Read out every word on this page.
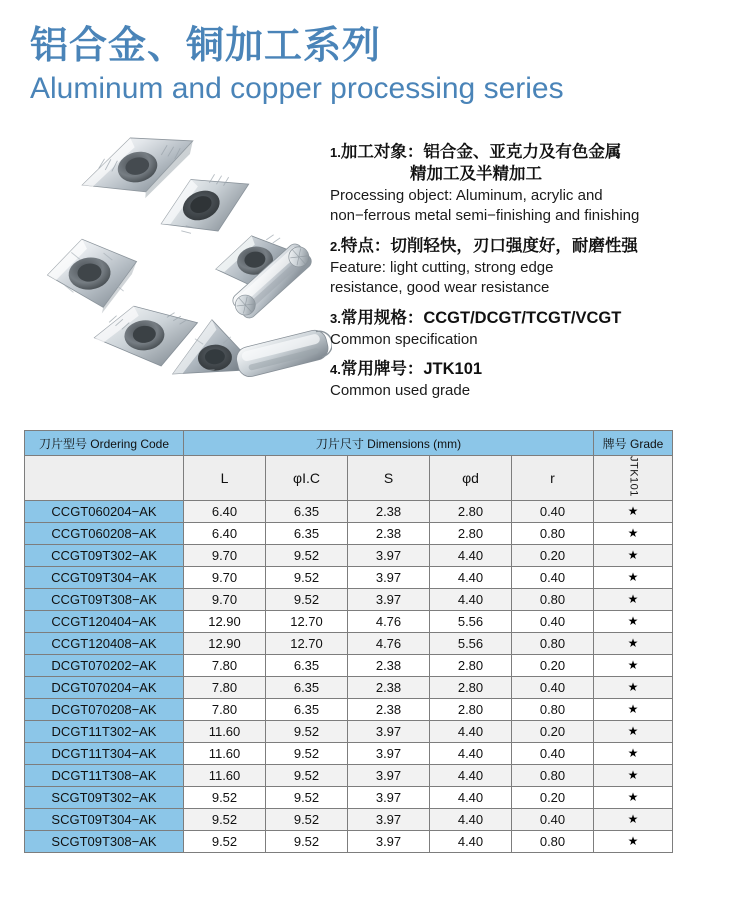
铝合金、铜加工系列
Aluminum and copper processing series
1.加工对象：铝合金、亚克力及有色金属
精加工及半精加工
Processing object: Aluminum, acrylic and
non−ferrous metal semi−finishing and finishing
2.特点：切削轻快，刃口强度好，耐磨性强
Feature: light cutting, strong edge
resistance, good wear resistance
3.常用规格：CCGT/DCGT/TCGT/VCGT
Common specification
4.常用牌号：JTK101
Common used grade
刀片型号 Ordering Code	刀片尺寸 Dimensions (mm)					牌号 Grade
	L	φI.C	S	φd	r	JTK101
CCGT060204−AK	6.40	6.35	2.38	2.80	0.40	★
CCGT060208−AK	6.40	6.35	2.38	2.80	0.80	★
CCGT09T302−AK	9.70	9.52	3.97	4.40	0.20	★
CCGT09T304−AK	9.70	9.52	3.97	4.40	0.40	★
CCGT09T308−AK	9.70	9.52	3.97	4.40	0.80	★
CCGT120404−AK	12.90	12.70	4.76	5.56	0.40	★
CCGT120408−AK	12.90	12.70	4.76	5.56	0.80	★
DCGT070202−AK	7.80	6.35	2.38	2.80	0.20	★
DCGT070204−AK	7.80	6.35	2.38	2.80	0.40	★
DCGT070208−AK	7.80	6.35	2.38	2.80	0.80	★
DCGT11T302−AK	11.60	9.52	3.97	4.40	0.20	★
DCGT11T304−AK	11.60	9.52	3.97	4.40	0.40	★
DCGT11T308−AK	11.60	9.52	3.97	4.40	0.80	★
SCGT09T302−AK	9.52	9.52	3.97	4.40	0.20	★
SCGT09T304−AK	9.52	9.52	3.97	4.40	0.40	★
SCGT09T308−AK	9.52	9.52	3.97	4.40	0.80	★
